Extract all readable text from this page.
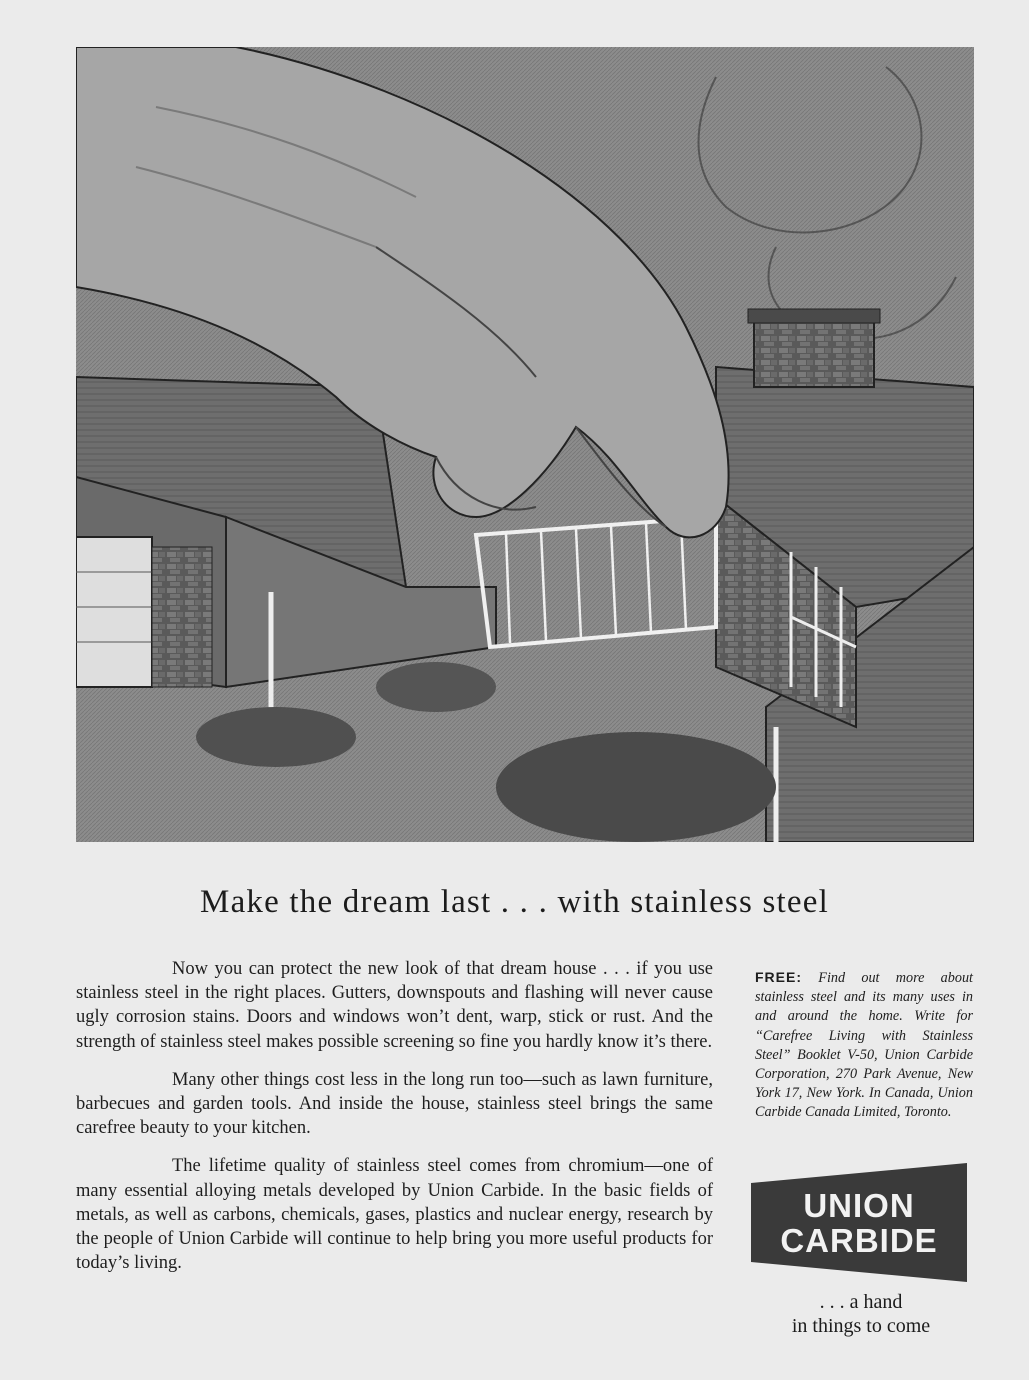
Make the dream last . . . with stainless steel

Now you can protect the new look of that dream house . . . if you use stainless steel in the right places. Gutters, downspouts and flashing will never cause ugly corrosion stains. Doors and windows won’t dent, warp, stick or rust. And the strength of stainless steel makes possible screening so fine you hardly know it’s there.

Many other things cost less in the long run too—such as lawn furniture, barbecues and garden tools. And inside the house, stainless steel brings the same carefree beauty to your kitchen.

The lifetime quality of stainless steel comes from chromium—one of many essential alloying metals developed by Union Carbide. In the basic fields of metals, as well as carbons, chemicals, gases, plastics and nuclear energy, research by the people of Union Carbide will continue to help bring you more useful products for today’s living.

FREE: Find out more about stainless steel and its many uses in and around the home. Write for “Carefree Living with Stainless Steel” Booklet V-50, Union Carbide Corporation, 270 Park Avenue, New York 17, New York. In Canada, Union Carbide Canada Limited, Toronto.
UNION
CARBIDE
. . . a hand
in things to come
